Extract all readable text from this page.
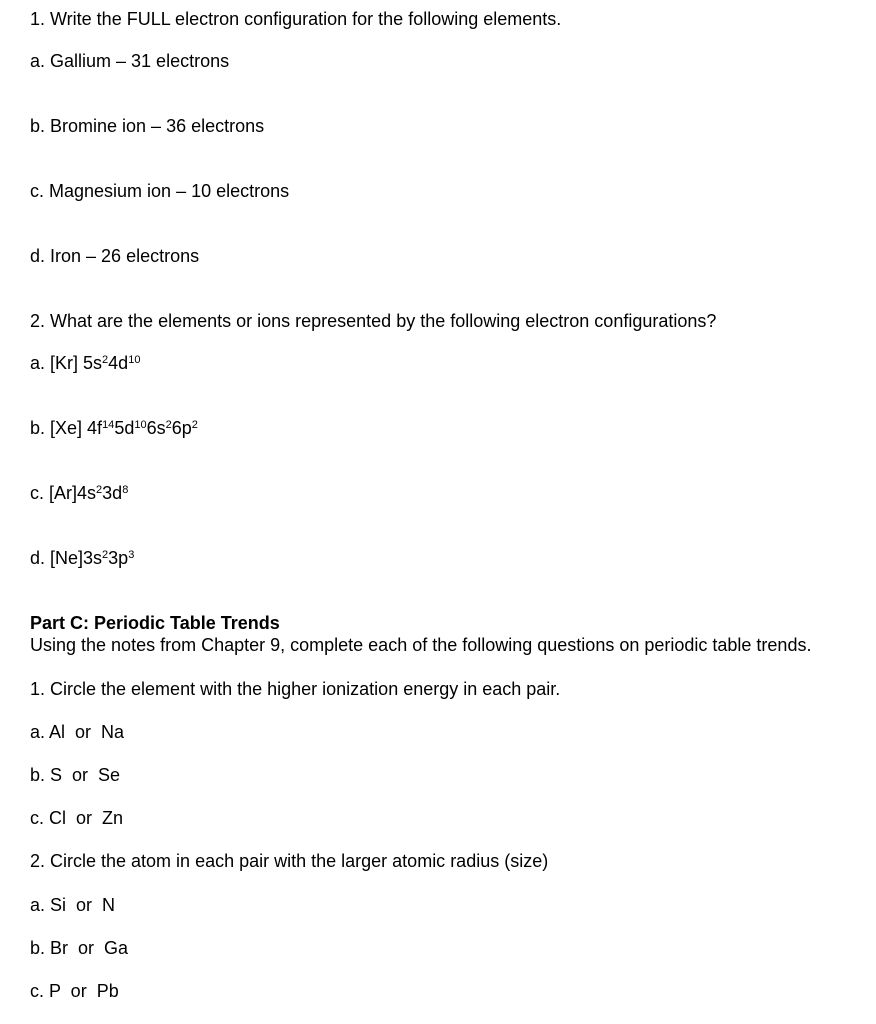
1. Write the FULL electron configuration for the following elements.
a. Gallium – 31 electrons
b. Bromine ion – 36 electrons
c. Magnesium ion – 10 electrons
d. Iron – 26 electrons
2. What are the elements or ions represented by the following electron configurations?
a. [Kr] $5s^24d^{10}$
b. [Xe] $4f^{14}5d^{10}6s^26p^2$
c. $[Ar]4s^23d^8$
d. $[Ne]3s^23p^3$
Part C: Periodic Table Trends
Using the notes from Chapter 9, complete each of the following questions on periodic table trends.
1. Circle the element with the higher ionization energy in each pair.
a. Al  or  Na
b. S  or  Se
c. Cl  or  Zn
2. Circle the atom in each pair with the larger atomic radius (size)
a. Si  or  N
b. Br  or  Ga
c. P  or  Pb
